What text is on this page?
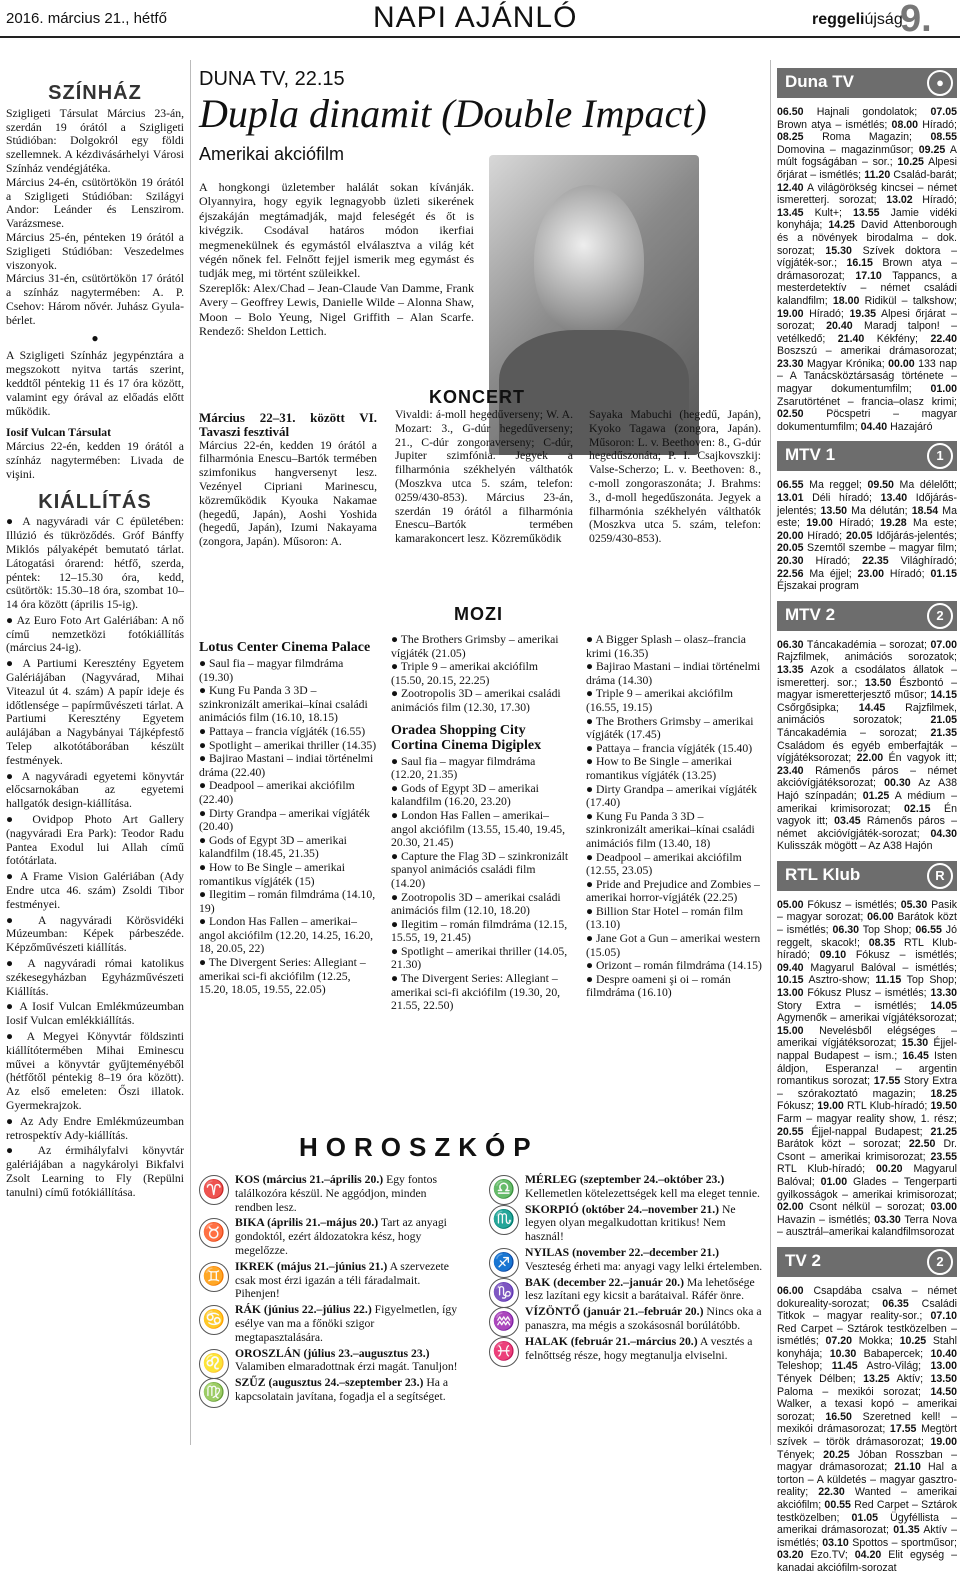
2016. március 21., hétfő	NAPI AJÁNLÓ	reggeliújság
9.
SZÍNHÁZ

Szigligeti Társulat Március 23-án, szerdán 19 órától a Szigligeti Stúdióban: Dolgokról egy földi szellemnek. A kézdivásárhelyi Városi Színház vendégjátéka.

Március 24-én, csütörtökön 19 órától a Szigligeti Stúdióban: Szilágyi Andor: Leánder és Lenszirom. Varázsmese.

Március 25-én, pénteken 19 órától a Szigligeti Stúdióban: Veszedelmes viszonyok.

Március 31-én, csütörtökön 17 órától a színház nagytermében: A. P. Csehov: Három nővér. Juhász Gyula-bérlet.

●

A Szigligeti Színház jegypénztára a megszokott nyitva tartás szerint, keddtől péntekig 11 és 17 óra között, valamint egy órával az előadás előtt működik.

Iosif Vulcan Társulat

Március 22-én, kedden 19 órától a színház nagytermében: Livada de vişini.

KIÁLLÍTÁS

● A nagyváradi vár C épületében: Illúzió és tükröződés. Gróf Bánffy Miklós pályaképét bemutató tárlat. Látogatási órarend: hétfő, szerda, péntek: 12–15.30 óra, kedd, csütörtök: 15.30–18 óra, szombat 10–14 óra között (április 15-ig).

● Az Euro Foto Art Galériában: A nő című nemzetközi fotókiállítás (március 24-ig).

● A Partiumi Keresztény Egyetem Galériájában (Nagyvárad, Mihai Viteazul út 4. szám) A papír ideje és időtlensége – papírművészeti tárlat. A Partiumi Keresztény Egyetem aulájában a Nagybányai Tájképfestő Telep alkotótáborában készült festmények.

● A nagyváradi egyetemi könyvtár előcsarnokában az egyetemi hallgatók design-kiállítása.

● Ovidpop Photo Art Gallery (nagyváradi Era Park): Teodor Radu Pantea Exodul lui Allah című fotótárlata.

● A Frame Vision Galériában (Ady Endre utca 46. szám) Zsoldi Tibor festményei.

● A nagyváradi Körösvidéki Múzeumban: Képek párbeszéde. Képzőművészeti kiállítás.

● A nagyváradi római katolikus székesegyházban Egyházművészeti Kiállítás.

● A Iosif Vulcan Emlékmúzeumban Iosif Vulcan emlékkiállítás.

● A Megyei Könyvtár földszinti kiállítótermében Mihai Eminescu művei a könyvtár gyűjteményéből (hétfőtől péntekig 8–19 óra között). Az első emeleten: Őszi illatok. Gyermekrajzok.

● Az Ady Endre Emlékmúzeumban retrospektív Ady-kiállítás.

● Az érmihályfalvi könyvtár galériájában a nagykárolyi Bikfalvi Zsolt Learning to Fly (Repülni tanulni) című fotókiállítása.

DUNA TV, 22.15
Dupla dinamit (Double Impact)
Amerikai akciófilm

A hongkongi üzletember halálát sokan kívánják. Olyannyira, hogy egyik legnagyobb üzleti sikerének éjszakáján megtámadják, majd feleségét és őt is kivégzik. Csodával határos módon ikerfiai megmenekülnek és egymástól elválasztva a világ két végén nőnek fel. Felnőtt fejjel ismerik meg egymást és tudják meg, mi történt szüleikkel.

Szereplők: Alex/Chad – Jean-Claude Van Damme, Frank Avery – Geoffrey Lewis, Danielle Wilde – Alonna Shaw, Moon – Bolo Yeung, Nigel Griffith – Alan Scarfe. Rendező: Sheldon Lettich.

KONCERT

Március 22–31. között VI. Tavaszi fesztivál

Március 22-én, kedden 19 órától a filharmónia Enescu–Bartók termében szimfonikus hangversenyt lesz. Vezényel Cipriani Marinescu, közreműködik Kyouka Nakamae (hegedű, Japán), Aoshi Yoshida (hegedű, Japán), Izumi Nakayama (zongora, Japán). Műsoron: A.

Vivaldi: á-moll hegedűverseny; W. A. Mozart: 3., G-dúr hegedűverseny; 21., C-dúr zongoraverseny; C-dúr, Jupiter szimfónia. Jegyek a filharmónia székhelyén válthatók (Moszkva utca 5. szám, telefon: 0259/430-853). Március 23-án, szerdán 19 órától a filharmónia Enescu–Bartók termében kamarakoncert lesz. Közreműködik
Sayaka Mabuchi (hegedű, Japán), Kyoko Tagawa (zongora, Japán). Műsoron: L. v. Beethoven: 8., G-dúr hegedűszonáta; P. I. Csajkovszkij: Valse-Scherzo; L. v. Beethoven: 8., c-moll zongoraszonáta; J. Brahms: 3., d-moll hegedűszonáta. Jegyek a filharmónia székhelyén válthatók (Moszkva utca 5. szám, telefon: 0259/430-853).
MOZI
Lotus Center Cinema Palace
● Saul fia – magyar filmdráma (19.30)
● Kung Fu Panda 3 3D – szinkronizált amerikai–kínai családi animációs film (16.10, 18.15)
● Pattaya – francia vígjáték (16.55)
● Spotlight – amerikai thriller (14.35)
● Bajirao Mastani – indiai történelmi dráma (22.40)
● Deadpool – amerikai akciófilm (22.40)
● Dirty Grandpa – amerikai vígjáték (20.40)
● Gods of Egypt 3D – amerikai kalandfilm (18.45, 21.35)
● How to Be Single – amerikai romantikus vígjáték (15)
● Ilegitim – román filmdráma (14.10, 19)
● London Has Fallen – amerikai–angol akciófilm (12.20, 14.25, 16.20, 18, 20.05, 22)
● The Divergent Series: Allegiant – amerikai sci-fi akciófilm (12.25, 15.20, 18.05, 19.55, 22.05)
● The Brothers Grimsby – amerikai vígjáték (21.05)
● Triple 9 – amerikai akciófilm (15.50, 20.15, 22.25)
● Zootropolis 3D – amerikai családi animációs film (12.30, 17.30)
Oradea Shopping City Cortina Cinema Digiplex
● Saul fia – magyar filmdráma (12.20, 21.35)
● Gods of Egypt 3D – amerikai kalandfilm (16.20, 23.20)
● London Has Fallen – amerikai–angol akciófilm (13.55, 15.40, 19.45, 20.30, 21.45)
● Capture the Flag 3D – szinkronizált spanyol animációs családi film (14.20)
● Zootropolis 3D – amerikai családi animációs film (12.10, 18.20)
● Ilegitim – román filmdráma (12.15, 15.55, 19, 21.45)
● Spotlight – amerikai thriller (14.05, 21.30)
● The Divergent Series: Allegiant – amerikai sci-fi akciófilm (19.30, 20, 21.55, 22.50)
● A Bigger Splash – olasz–francia krimi (16.35)
● Bajirao Mastani – indiai történelmi dráma (14.30)
● Triple 9 – amerikai akciófilm (16.55, 19.15)
● The Brothers Grimsby – amerikai vígjáték (17.45)
● Pattaya – francia vígjáték (15.40)
● How to Be Single – amerikai romantikus vígjáték (13.25)
● Dirty Grandpa – amerikai vígjáték (17.40)
● Kung Fu Panda 3 3D – szinkronizált amerikai–kínai családi animációs film (13.40, 18)
● Deadpool – amerikai akciófilm (12.55, 23.05)
● Pride and Prejudice and Zombies – amerikai horror-vígjáték (22.25)
● Billion Star Hotel – román film (13.10)
● Jane Got a Gun – amerikai western (15.05)
● Orizont – román filmdráma (14.15)
● Despre oameni şi oi – román filmdráma (16.10)
HOROSZKÓP
♈ KOS (március 21.–április 20.) Egy fontos találkozóra készül. Ne aggódjon, minden rendben lesz.
♉ BIKA (április 21.–május 20.) Tart az anyagi gondoktól, ezért áldozatokra kész, hogy megelőzze.
♊ IKREK (május 21.–június 21.) A szervezete csak most érzi igazán a téli fáradalmait. Pihenjen!
♋ RÁK (június 22.–július 22.) Figyelmetlen, így esélye van ma a főnöki szigor megtapasztalására.
♌ OROSZLÁN (július 23.–augusztus 23.) Valamiben elmaradottnak érzi magát. Tanuljon!
♍ SZŰZ (augusztus 24.–szeptember 23.) Ha a kapcsolatain javítana, fogadja el a segítséget.
♎ MÉRLEG (szeptember 24.–október 23.) Kellemetlen kötelezettségek kell ma eleget tennie.
♏ SKORPIÓ (október 24.–november 21.) Ne legyen olyan megalkudottan kritikus! Nem használ!
♐ NYILAS (november 22.–december 21.) Veszteség érheti ma: anyagi vagy lelki értelemben.
♑ BAK (december 22.–január 20.) Ma lehetősége lesz lazítani egy kicsit a barátaival. Ráfér önre.
♒ VÍZÖNTŐ (január 21.–február 20.) Nincs oka a panaszra, ma mégis a szokásosnál borúlátóbb.
♓ HALAK (február 21.–március 20.) A vesztés a felnőttség része, hogy megtanulja elviselni.
Duna TV	●
06.50 Hajnali gondolatok; 07.05 Brown atya – ismétlés; 08.00 Híradó; 08.25 Roma Magazin; 08.55 Domovina – magazinműsor; 09.25 A múlt fogságában – sor.; 10.25 Alpesi őrjárat – ismétlés; 11.20 Család-barát; 12.40 A világörökség kincsei – német ismeretterj. sorozat; 13.02 Híradó; 13.45 Kult+; 13.55 Jamie vidéki konyhája; 14.25 David Attenborough és a növények birodalma – dok. sorozat; 15.30 Szívek doktora – vígjáték-sor.; 16.15 Brown atya – drámasorozat; 17.10 Tappancs, a mesterdetektív – német családi kalandfilm; 18.00 Ridikül – talkshow; 19.00 Híradó; 19.35 Alpesi őrjárat – sorozat; 20.40 Maradj talpon! – vetélkedő; 21.40 Kékfény; 22.40 Boszszú – amerikai drámasorozat; 23.30 Magyar Krónika; 00.00 133 nap – A Tanácsköztársaság története – magyar dokumentumfilm; 01.00 Zsarutörténet – francia–olasz krimi; 02.50 Pöcspetri – magyar dokumentumfilm; 04.40 Hazajáró
MTV 1	1
06.55 Ma reggel; 09.50 Ma délelőtt; 13.01 Déli híradó; 13.40 Időjárás-jelentés; 13.50 Ma délután; 18.54 Ma este; 19.00 Híradó; 19.28 Ma este; 20.00 Híradó; 20.05 Időjárás-jelentés; 20.05 Szemtől szembe – magyar film; 20.30 Híradó; 22.35 Világhíradó; 22.56 Ma éjjel; 23.00 Híradó; 01.15 Éjszakai program
MTV 2	2
06.30 Táncakadémia – sorozat; 07.00 Rajzfilmek, animációs sorozatok; 13.35 Azok a csodálatos állatok – ismeretterj. sor.; 13.50 Észbontó – magyar ismeretterjesztő műsor; 14.15 Csőrgősipka; 14.45 Rajzfilmek, animációs sorozatok; 21.05 Táncakadémia – sorozat; 21.35 Családom és egyéb emberfajták – vígjátéksorozat; 22.00 Én vagyok itt; 23.40 Rámenős páros – német akcióvígjátéksorozat; 00.30 Az A38 Hajó színpadán; 01.25 A médium – amerikai krimisorozat; 02.15 Én vagyok itt; 03.45 Rámenős páros – német akcióvígjáték-sorozat; 04.30 Kulisszák mögött – Az A38 Hajón
RTL Klub	R
05.00 Fókusz – ismétlés; 05.30 Pasik – magyar sorozat; 06.00 Barátok közt – ismétlés; 06.30 Top Shop; 06.55 Jó reggelt, skacok!; 08.35 RTL Klub-híradó; 09.10 Fókusz – ismétlés; 09.40 Magyarul Balóval – ismétlés; 10.15 Asztro-show; 11.15 Top Shop; 13.00 Fókusz Plusz – ismétlés; 13.30 Story Extra – ismétlés; 14.05 Agymenők – amerikai vígjátéksorozat; 15.00 Nevelésből elégséges – amerikai vígjátéksorozat; 15.30 Éjjel-nappal Budapest – ism.; 16.45 Isten áldjon, Esperanza! – argentin romantikus sorozat; 17.55 Story Extra – szórakoztató magazin; 18.25 Fókusz; 19.00 RTL Klub-híradó; 19.50 Farm – magyar reality show, 1. rész; 20.55 Éjjel-nappal Budapest; 21.25 Barátok közt – sorozat; 22.50 Dr. Csont – amerikai krimisorozat; 23.55 RTL Klub-híradó; 00.20 Magyarul Balóval; 01.00 Glades – Tengerparti gyilkosságok – amerikai krimisorozat; 02.00 Csont nélkül – sorozat; 03.00 Havazin – ismétlés; 03.30 Terra Nova – ausztrál–amerikai kalandfilmsorozat
TV 2	2
06.00 Csapdába csalva – német dokureality-sorozat; 06.35 Családi Titkok – magyar reality-sor.; 07.10 Red Carpet – Sztárok testközelben – ismétlés; 07.20 Mokka; 10.25 Stahl konyhája; 10.30 Babapercek; 10.40 Teleshop; 11.45 Astro-Világ; 13.00 Tények Délben; 13.25 Aktív; 13.50 Paloma – mexikói sorozat; 14.50 Walker, a texasi kopó – amerikai sorozat; 16.50 Szeretned kell! – mexikói drámasorozat; 17.55 Megtört szívek – török drámasorozat; 19.00 Tények; 20.25 Jóban Rosszban – magyar drámasorozat; 21.10 Hal a torton – A küldetés – magyar gasztro-reality; 22.30 Wanted – amerikai akciófilm; 00.55 Red Carpet – Sztárok testközelben; 01.05 Ügyféllista – amerikai drámasorozat; 01.35 Aktív – ismétlés; 03.10 Spottos – sportműsor; 03.20 Ezo.TV; 04.20 Elit egység – kanadai akciófilm-sorozat
